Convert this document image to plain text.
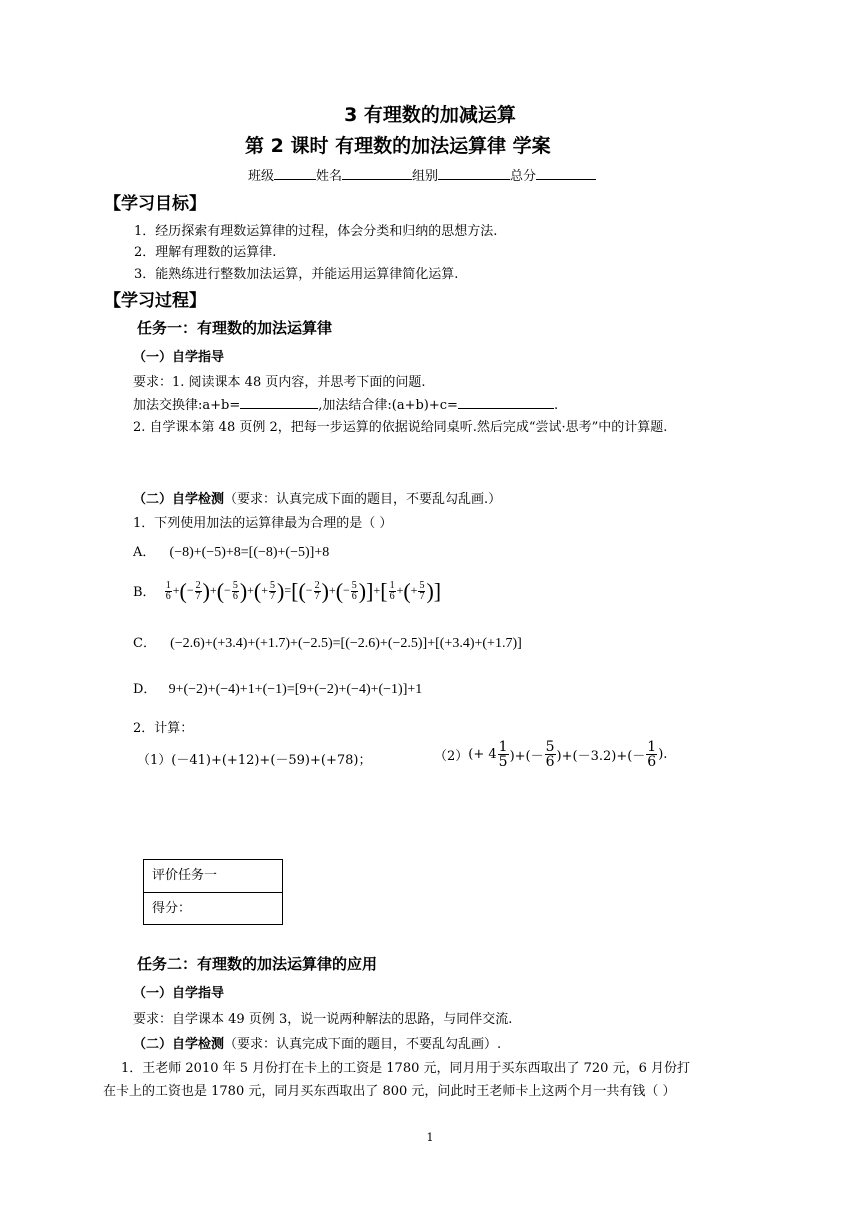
3 有理数的加减运算
第 2 课时 有理数的加法运算律 学案
班级	姓名	组别	总分
【学习目标】
1．经历探索有理数运算律的过程，体会分类和归纳的思想方法.
2．理解有理数的运算律.
3．能熟练进行整数加法运算，并能运用运算律简化运算.
【学习过程】
任务一：有理数的加法运算律
（一）自学指导
要求：1. 阅读课本 48 页内容，并思考下面的问题.
加法交换律:a+b=	,加法结合律:(a+b)+c=	.
2. 自学课本第 48 页例 2，把每一步运算的依据说给同桌听.然后完成“尝试·思考”中的计算题.
（二）自学检测（要求：认真完成下面的题目，不要乱勾乱画.）
1．下列使用加法的运算律最为合理的是（ ）
A． (−8)+(−5)+8=[(−8)+(−5)]+8
B． $\frac{1}{6}$ +(− $\frac{2}{7}$ )+(− $\frac{5}{6}$ )+(+ $\frac{5}{7}$ )=[(− $\frac{2}{7}$ )+(− $\frac{5}{6}$ )]+[ $\frac{1}{6}$ +(+ $\frac{5}{7}$ )]
C． (−2.6)+(+3.4)+(+1.7)+(−2.5)=[(−2.6)+(−2.5)]+[(+3.4)+(+1.7)]
D． 9+(−2)+(−4)+1+(−1)=[9+(−2)+(−4)+(−1)]+1
2．计算：
（1）(－41)+(+12)+(－59)+(+78)；	$(2)(+ 4 \frac{1}{5}$ )+(－ $\frac{5}{6} )+(-3.2)+(- \frac{1}{6}$ ).
评价任务一
得分：
任务二：有理数的加法运算律的应用
（一）自学指导
要求：自学课本 49 页例 3，说一说两种解法的思路，与同伴交流.
（二）自学检测（要求：认真完成下面的题目，不要乱勾乱画）.
1．王老师 2010 年 5 月份打在卡上的工资是 1780 元，同月用于买东西取出了 720 元，6 月份打
在卡上的工资也是 1780 元，同月买东西取出了 800 元，问此时王老师卡上这两个月一共有钱（ ）
1
